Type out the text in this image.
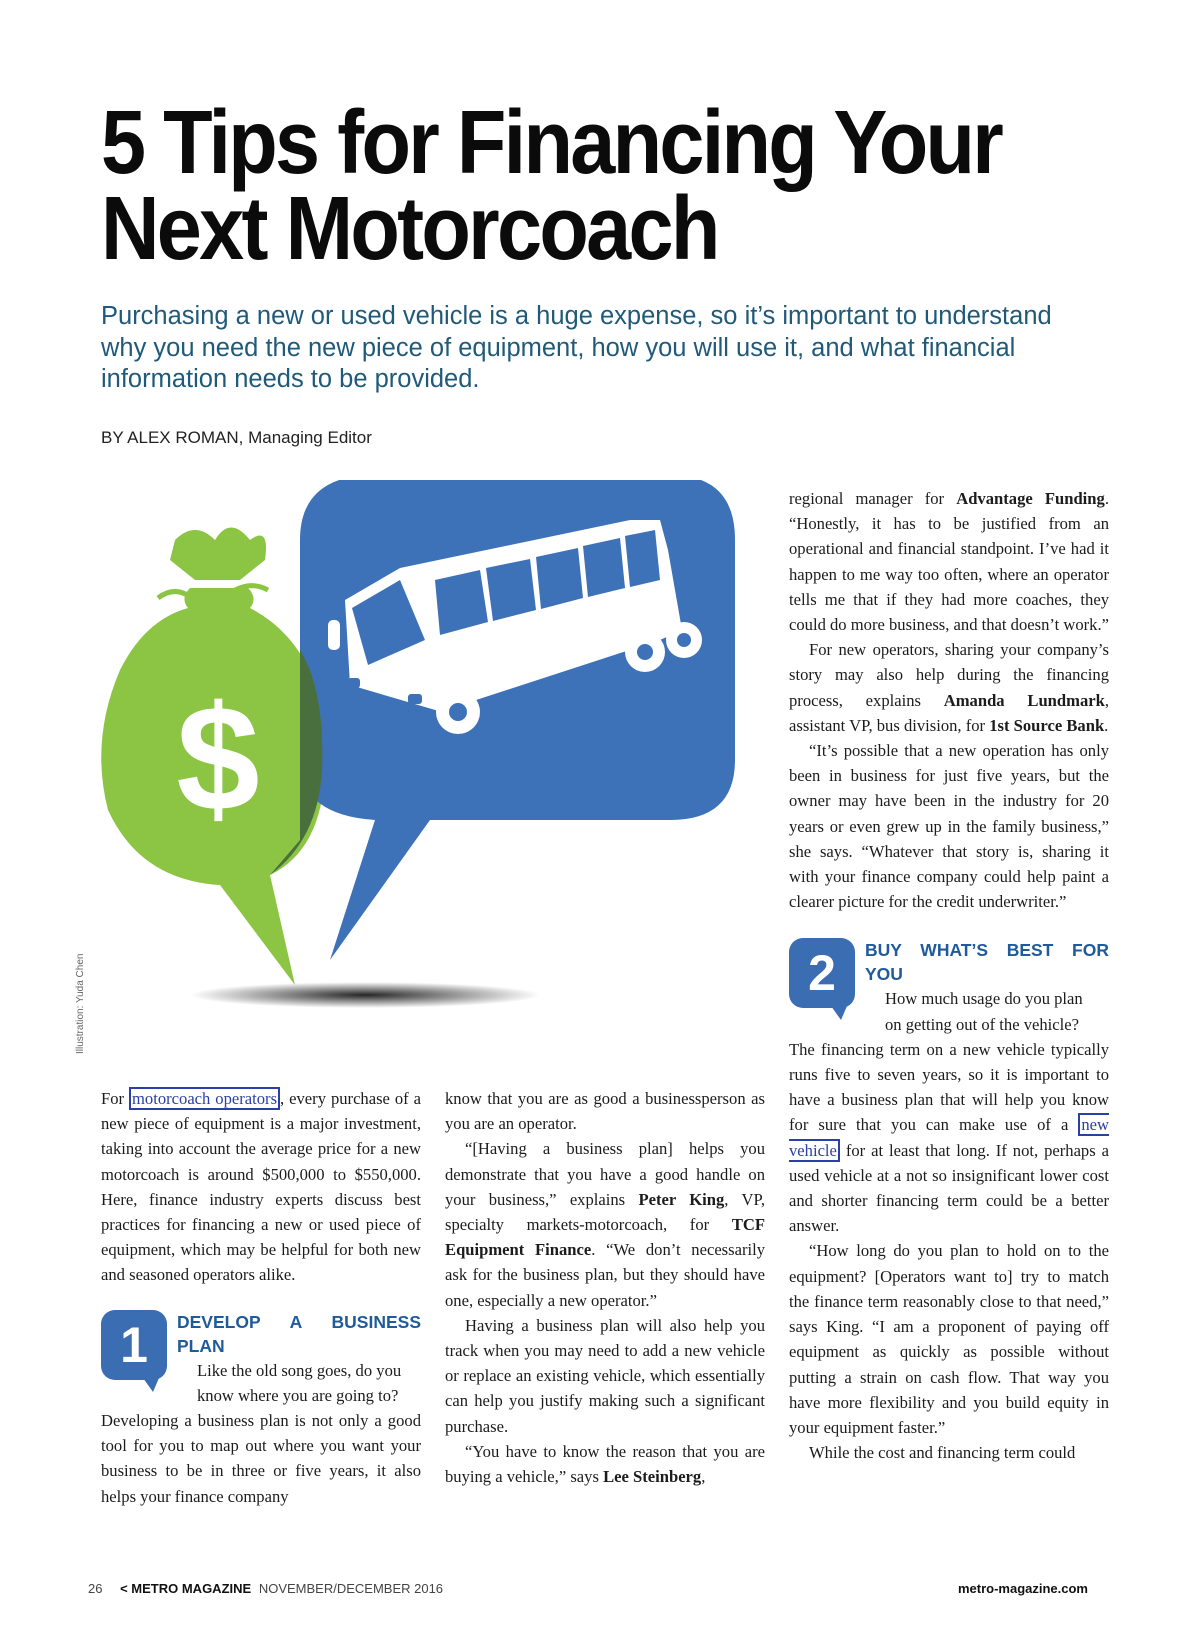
5 Tips for Financing Your
Next Motorcoach
Purchasing a new or used vehicle is a huge expense, so it’s important to understand why you need the new piece of equipment, how you will use it, and what financial information needs to be provided.
BY ALEX ROMAN, Managing Editor
$
Illustration: Yuda Chen

For motorcoach operators , every purchase of a new piece of equipment is a major investment, taking into account the average price for a new motorcoach is around $500,000 to $550,000. Here, finance industry experts discuss best practices for financing a new or used piece of equipment, which may be helpful for both new and seasoned operators alike.

1	DEVELOP A BUSINESS PLAN

Like the old song goes, do you
know where you are going to?
Developing a business plan is not only a good tool for you to map out where you want your business to be in three or five years, it also helps your finance company

know that you are as good a businessperson as you are an operator.

“[Having a business plan] helps you demonstrate that you have a good handle on your business,” explains Peter King, VP, specialty markets-motorcoach, for TCF Equipment Finance. “We don’t necessarily ask for the business plan, but they should have one, especially a new operator.”

Having a business plan will also help you track when you may need to add a new vehicle or replace an existing vehicle, which essentially can help you justify making such a significant purchase.

“You have to know the reason that you are buying a vehicle,” says Lee Steinberg,

regional manager for Advantage Funding. “Honestly, it has to be justified from an operational and financial standpoint. I’ve had it happen to me way too often, where an operator tells me that if they had more coaches, they could do more business, and that doesn’t work.”

For new operators, sharing your company’s story may also help during the financing process, explains Amanda Lundmark, assistant VP, bus division, for 1st Source Bank.

“It’s possible that a new operation has only been in business for just five years, but the owner may have been in the industry for 20 years or even grew up in the family business,” she says. “Whatever that story is, sharing it with your finance company could help paint a clearer picture for the credit underwriter.”

2	BUY WHAT’S BEST FOR YOU

How much usage do you plan
on getting out of the vehicle?
The financing term on a new vehicle typically runs five to seven years, so it is important to have a business plan that will help you know for sure that you can make use of a new vehicle for at least that long. If not, perhaps a used vehicle at a not so insignificant lower cost and shorter financing term could be a better answer.

“How long do you plan to hold on to the equipment? [Operators want to] try to match the finance term reasonably close to that need,” says King. “I am a proponent of paying off equipment as quickly as possible without putting a strain on cash flow. That way you have more flexibility and you build equity in your equipment faster.”

While the cost and financing term could

26 < METRO MAGAZINE NOVEMBER/DECEMBER 2016	metro-magazine.com
